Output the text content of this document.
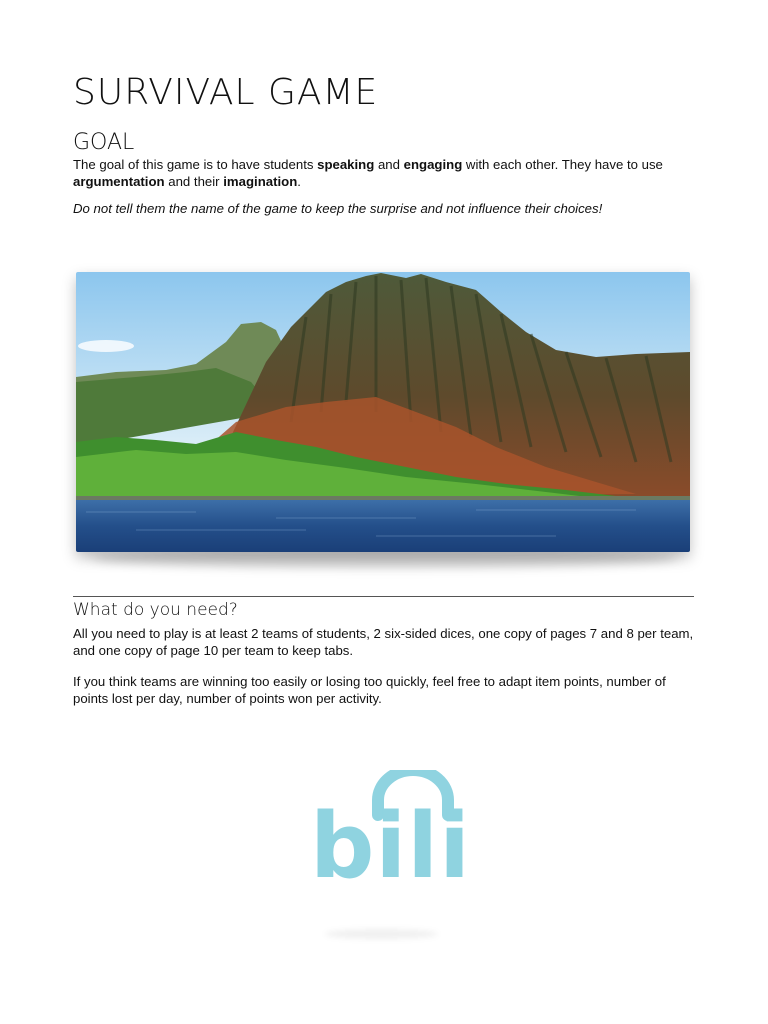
SURVIVAL GAME
GOAL
The goal of this game is to have students speaking and engaging with each other. They have to use argumentation and their imagination.
Do not tell them the name of the game to keep the surprise and not influence their choices!
What do you need?
All you need to play is at least 2 teams of students, 2 six-sided dices, one copy of pages 7 and 8 per team, and one copy of page 10 per team to keep tabs.
If you think teams are winning too easily or losing too quickly, feel free to adapt item points, number of points lost per day, number of points won per activity.
bili
